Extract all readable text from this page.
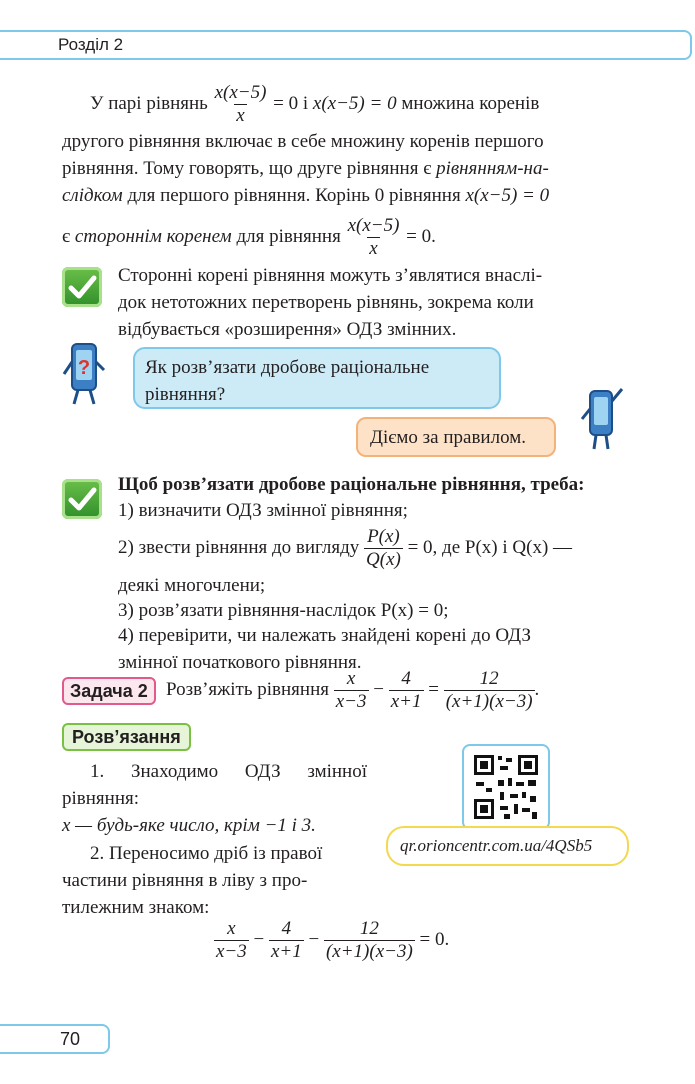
Розділ 2
У парі рівнянь $\frac{x(x-5)}{x} = 0$ і x(x−5) = 0 множина коренів
другого рівняння включає в себе множину коренів першого
рівняння. Тому говорять, що друге рівняння є рівнянням-на-
слідком для першого рівняння. Корінь 0 рівняння x(x−5) = 0
є стороннім коренем для рівняння $\frac{x(x-5)}{x} = 0$.
Сторонні корені рівняння можуть з’являтися внаслі-
док нетотожних перетворень рівнянь, зокрема коли
відбувається «розширення» ОДЗ змінних.
?	Як розв’язати дробове раціональне
рівняння?
Діємо за правилом.
Щоб розв’язати дробове раціональне рівняння, треба:
1) визначити ОДЗ змінної рівняння;
2) звести рівняння до вигляду $\frac{P(x)}{Q(x)} = 0$, де P(x) і Q(x) —
деякі многочлени;
3) розв’язати рівняння-наслідок P(x) = 0;
4) перевірити, чи належать знайдені корені до ОДЗ
змінної початкового рівняння.
Задача 2 Розв’яжіть рівняння $\frac{x}{x-3} - \frac{4}{x+1} = \frac{12}{(x+1)(x-3)}$ .
Розв’язання
1. Знаходимо ОДЗ змінної
рівняння:
x — будь-яке число, крім −1 і 3.
2. Переносимо дріб із правої
частини рівняння в ліву з про-
тилежним знаком:
$\frac{x}{x-3} - \frac{4}{x+1} - \frac{12}{(x+1)(x-3)} = 0$.
qr.orioncentr.com.ua/4QSb5
70
